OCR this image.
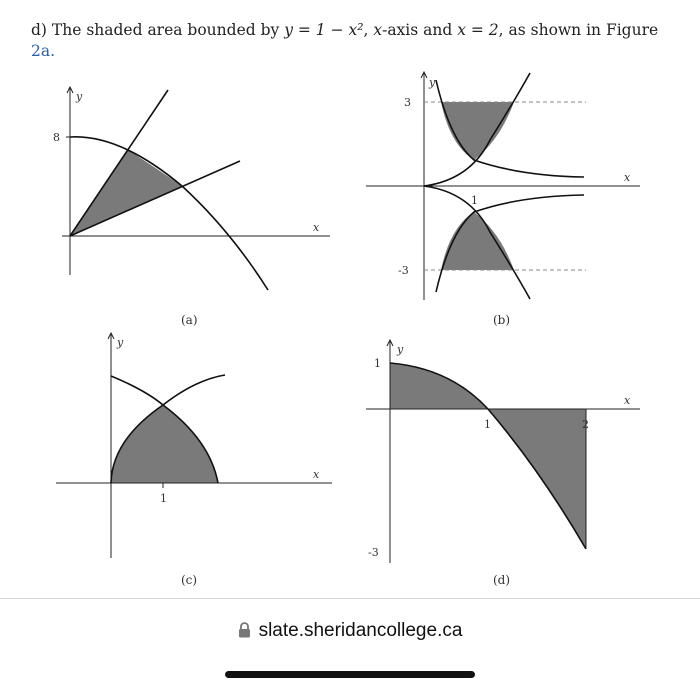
d) The shaded area bounded by y = 1 − x², x-axis and x = 2, as shown in Figure
2a.
8
y
x
(a)
3
-3
1
y
x
(b)
1
y
x
(c)
1
-3
1	2
y
x
(d)
slate.sheridancollege.ca
